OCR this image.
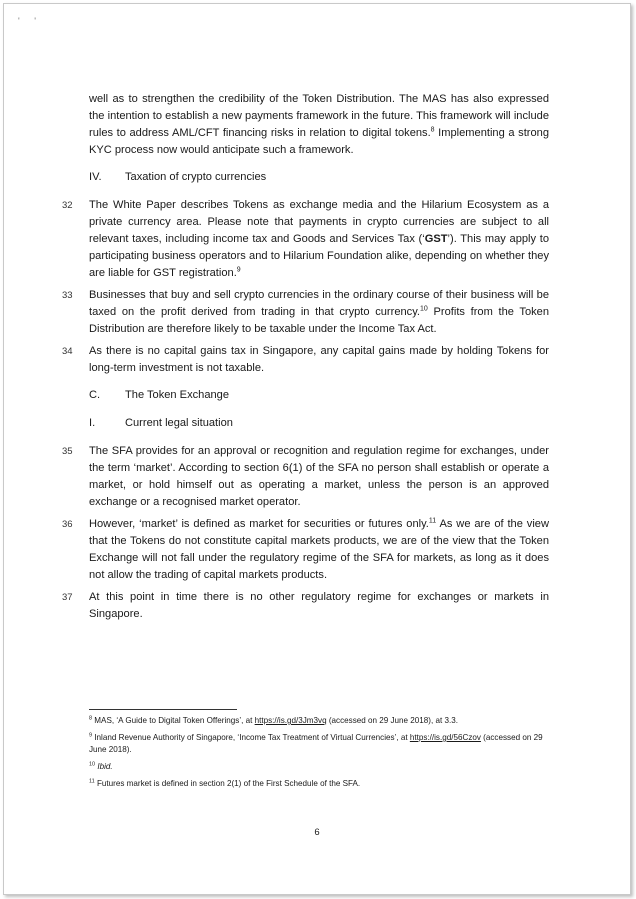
' '

well as to strengthen the credibility of the Token Distribution. The MAS has also expressed the intention to establish a new payments framework in the future. This framework will include rules to address AML/CFT financing risks in relation to digital tokens.$^8$ Implementing a strong KYC process now would anticipate such a framework.

IV.	Taxation of crypto currencies
32 The White Paper describes Tokens as exchange media and the Hilarium Ecosystem as a private currency area. Please note that payments in crypto currencies are subject to all relevant taxes, including income tax and Goods and Services Tax (‘GST’). This may apply to participating business operators and to Hilarium Foundation alike, depending on whether they are liable for GST registration.$^9$

33 Businesses that buy and sell crypto currencies in the ordinary course of their business will be taxed on the profit derived from trading in that crypto currency.$^{10}$ Profits from the Token Distribution are therefore likely to be taxable under the Income Tax Act.

34 As there is no capital gains tax in Singapore, any capital gains made by holding Tokens for long-term investment is not taxable.

C.	The Token Exchange
I.	Current legal situation
35 The SFA provides for an approval or recognition and regulation regime for exchanges, under the term ‘market’. According to section 6(1) of the SFA no person shall establish or operate a market, or hold himself out as operating a market, unless the person is an approved exchange or a recognised market operator.

36 However, ‘market’ is defined as market for securities or futures only.$^{11}$ As we are of the view that the Tokens do not constitute capital markets products, we are of the view that the Token Exchange will not fall under the regulatory regime of the SFA for markets, as long as it does not allow the trading of capital markets products.

37 At this point in time there is no other regulatory regime for exchanges or markets in Singapore.

$^8$ MAS, ‘A Guide to Digital Token Offerings’, at https://is.gd/3Jm3vq (accessed on 29 June 2018), at 3.3.
$^9$ Inland Revenue Authority of Singapore, ‘Income Tax Treatment of Virtual Currencies’, at https://is.gd/56Czov (accessed on 29 June 2018).
$^{10}$ Ibid.
$^{11}$ Futures market is defined in section 2(1) of the First Schedule of the SFA.
6
